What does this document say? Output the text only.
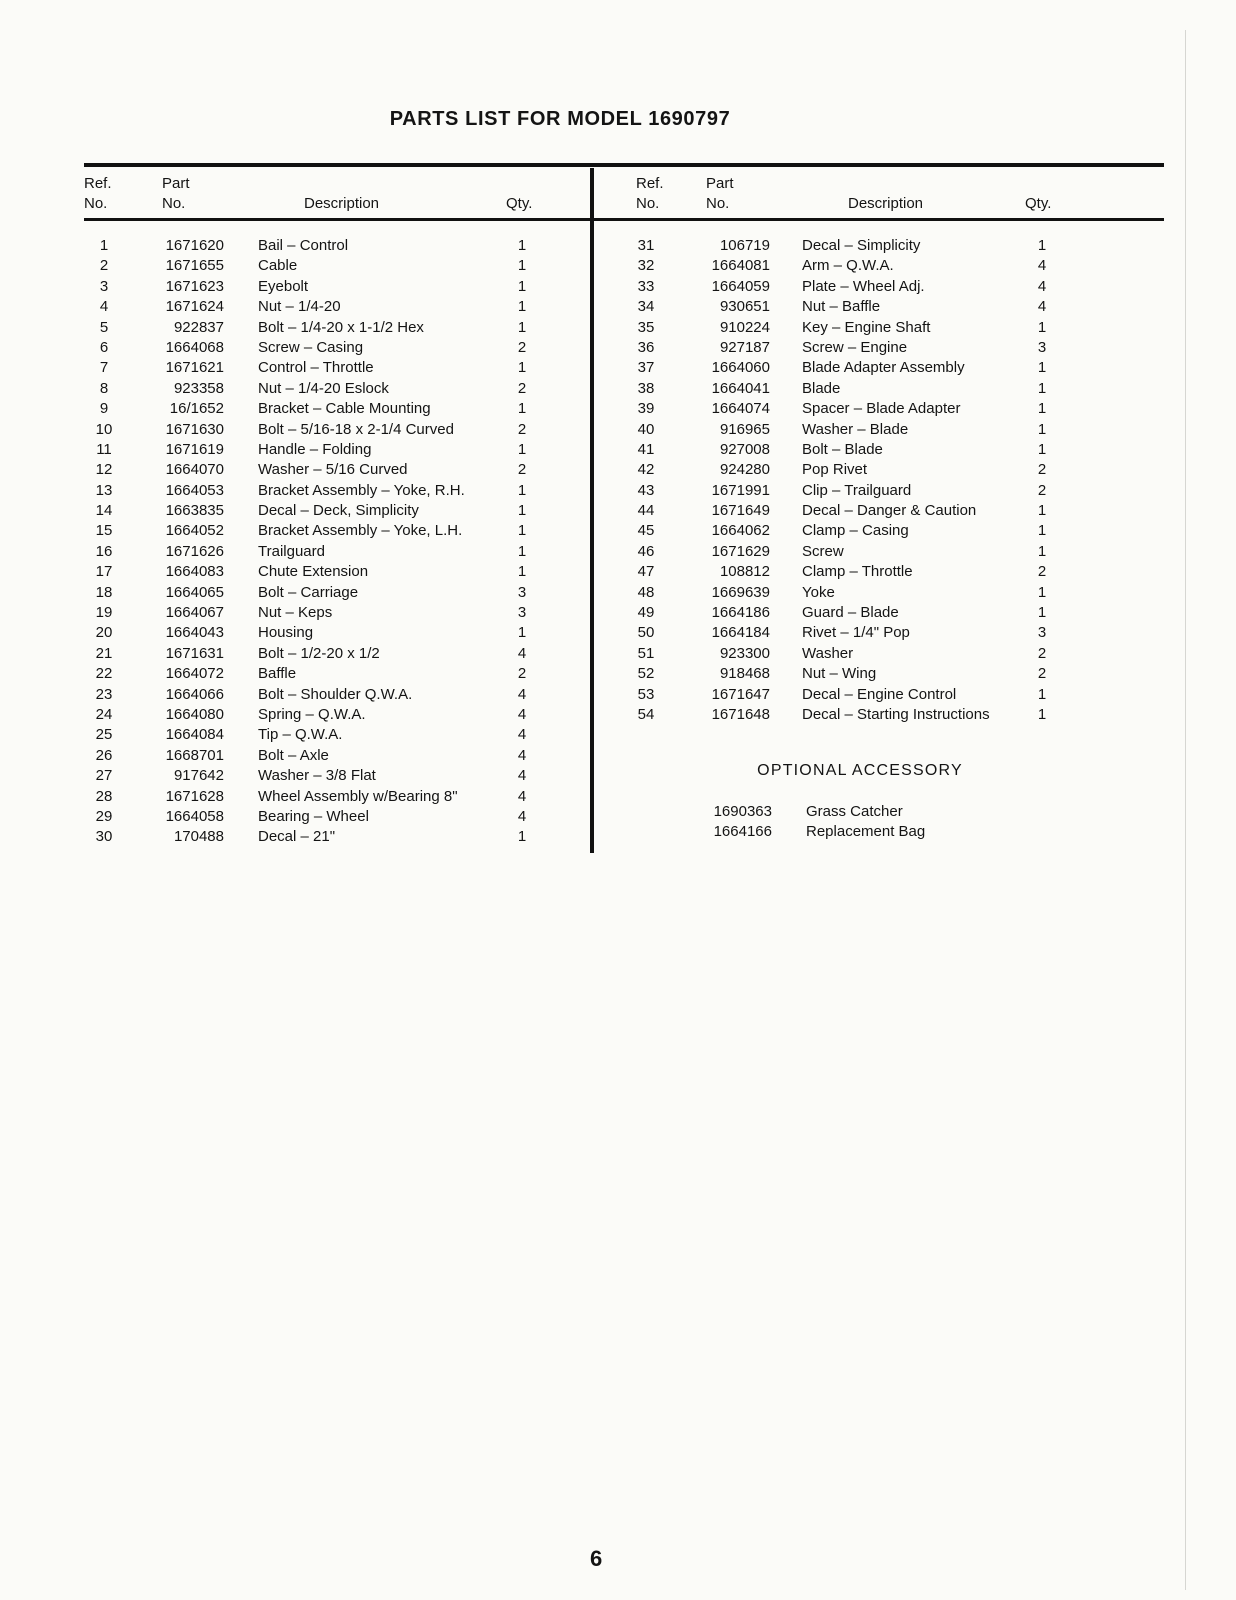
PARTS LIST FOR MODEL 1690797
Ref.
No.
Part
No.	Description	Qty.
Ref.
No.
Part
No.	Description	Qty.
1	1671620 Bail – Control	1
2	1671655 Cable	1
3	1671623 Eyebolt	1
4	1671624 Nut – 1/4-20	1
5	922837 Bolt – 1/4-20 x 1-1/2 Hex	1
6	1664068 Screw – Casing	2
7	1671621 Control – Throttle	1
8	923358 Nut – 1/4-20 Eslock	2
9	16/1652 Bracket – Cable Mounting	1
10	1671630 Bolt – 5/16-18 x 2-1/4 Curved	2
11	1671619 Handle – Folding	1
12	1664070 Washer – 5/16 Curved	2
13	1664053 Bracket Assembly – Yoke, R.H.	1
14	1663835 Decal – Deck, Simplicity	1
15	1664052 Bracket Assembly – Yoke, L.H.	1
16	1671626 Trailguard	1
17	1664083 Chute Extension	1
18	1664065 Bolt – Carriage	3
19	1664067 Nut – Keps	3
20	1664043 Housing	1
21	1671631 Bolt – 1/2-20 x 1/2	4
22	1664072 Baffle	2
23	1664066 Bolt – Shoulder Q.W.A.	4
24	1664080 Spring – Q.W.A.	4
25	1664084 Tip – Q.W.A.	4
26	1668701 Bolt – Axle	4
27	917642 Washer – 3/8 Flat	4
28	1671628 Wheel Assembly w/Bearing 8"	4
29	1664058 Bearing – Wheel	4
30	170488 Decal – 21"	1
31	106719 Decal – Simplicity	1
32	1664081 Arm – Q.W.A.	4
33	1664059 Plate – Wheel Adj.	4
34	930651 Nut – Baffle	4
35	910224 Key – Engine Shaft	1
36	927187 Screw – Engine	3
37	1664060 Blade Adapter Assembly	1
38	1664041 Blade	1
39	1664074 Spacer – Blade Adapter	1
40	916965 Washer – Blade	1
41	927008 Bolt – Blade	1
42	924280 Pop Rivet	2
43	1671991 Clip – Trailguard	2
44	1671649 Decal – Danger & Caution	1
45	1664062 Clamp – Casing	1
46	1671629 Screw	1
47	108812 Clamp – Throttle	2
48	1669639 Yoke	1
49	1664186 Guard – Blade	1
50	1664184 Rivet – 1/4" Pop	3
51	923300 Washer	2
52	918468 Nut – Wing	2
53	1671647 Decal – Engine Control	1
54	1671648 Decal – Starting Instructions	1
OPTIONAL ACCESSORY
1690363 Grass Catcher
1664166 Replacement Bag
6
